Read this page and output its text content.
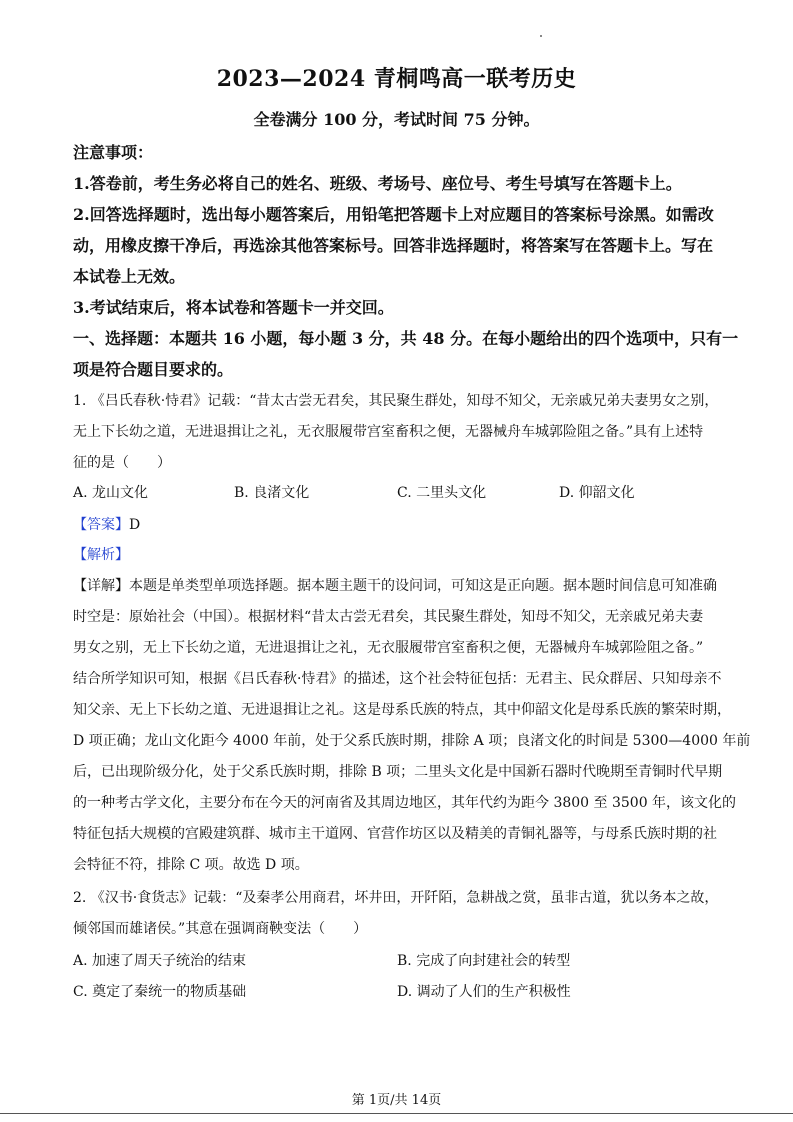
2023—2024 青桐鸣高一联考历史
全卷满分 100 分，考试时间 75 分钟。
注意事项：
1.答卷前，考生务必将自己的姓名、班级、考场号、座位号、考生号填写在答题卡上。
2.回答选择题时，选出每小题答案后，用铅笔把答题卡上对应题目的答案标号涂黑。如需改
动，用橡皮擦干净后，再选涂其他答案标号。回答非选择题时，将答案写在答题卡上。写在
本试卷上无效。
3.考试结束后，将本试卷和答题卡一并交回。
一、选择题：本题共 16 小题，每小题 3 分，共 48 分。在每小题给出的四个选项中，只有一
项是符合题目要求的。
1. 《吕氏春秋·恃君》记载：“昔太古尝无君矣，其民聚生群处，知母不知父，无亲戚兄弟夫妻男女之别，
无上下长幼之道，无进退揖让之礼，无衣服履带宫室畜积之便，无器械舟车城郭险阻之备。”具有上述特
征的是（　　）
A. 龙山文化	B. 良渚文化	C. 二里头文化	D. 仰韶文化
【答案】D
【解析】
【详解】本题是单类型单项选择题。据本题主题干的设问词，可知这是正向题。据本题时间信息可知准确
时空是：原始社会（中国）。根据材料“昔太古尝无君矣，其民聚生群处，知母不知父，无亲戚兄弟夫妻
男女之别，无上下长幼之道，无进退揖让之礼，无衣服履带宫室畜积之便，无器械舟车城郭险阻之备。”
结合所学知识可知，根据《吕氏春秋·恃君》的描述，这个社会特征包括：无君主、民众群居、只知母亲不
知父亲、无上下长幼之道、无进退揖让之礼。这是母系氏族的特点，其中仰韶文化是母系氏族的繁荣时期，
D 项正确；龙山文化距今 4000 年前，处于父系氏族时期，排除 A 项；良渚文化的时间是 5300—4000 年前
后，已出现阶级分化，处于父系氏族时期，排除 B 项；二里头文化是中国新石器时代晚期至青铜时代早期
的一种考古学文化，主要分布在今天的河南省及其周边地区，其年代约为距今 3800 至 3500 年，该文化的
特征包括大规模的宫殿建筑群、城市主干道网、官营作坊区以及精美的青铜礼器等，与母系氏族时期的社
会特征不符，排除 C 项。故选 D 项。
2. 《汉书·食货志》记载：“及秦孝公用商君，坏井田，开阡陌，急耕战之赏，虽非古道，犹以务本之故，
倾邻国而雄诸侯。”其意在强调商鞅变法（　　）
A. 加速了周天子统治的结束	B. 完成了向封建社会的转型
C. 奠定了秦统一的物质基础	D. 调动了人们的生产积极性
第 1页/共 14页
